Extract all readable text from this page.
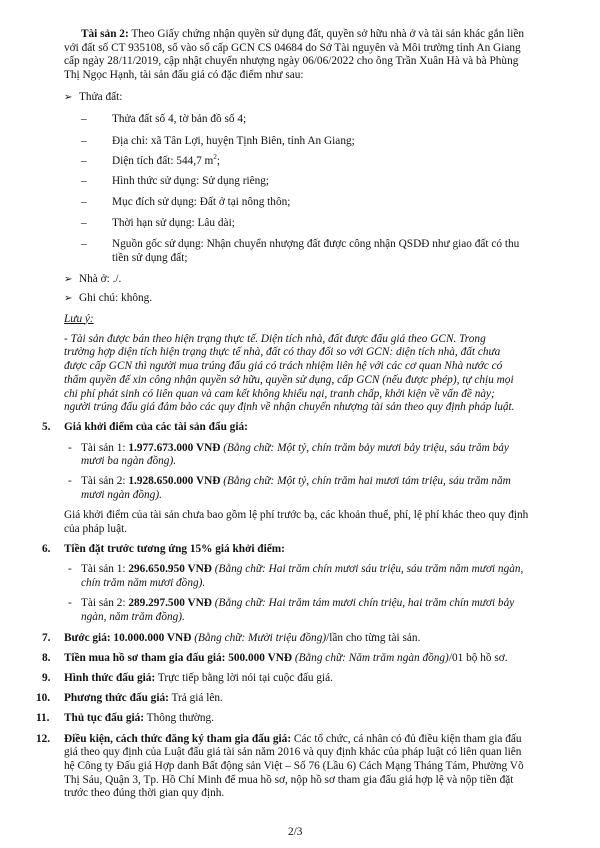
Tài sản 2: Theo Giấy chứng nhận quyền sử dụng đất, quyền sở hữu nhà ở và tài sản khác gắn liền
với đất số CT 935108, số vào sổ cấp GCN CS 04684 do Sở Tài nguyên và Môi trường tỉnh An Giang
cấp ngày 28/11/2019, cập nhật chuyển nhượng ngày 06/06/2022 cho ông Trần Xuân Hà và bà Phùng
Thị Ngọc Hạnh, tài sản đấu giá có đặc điểm như sau:
➢ Thửa đất:
– Thửa đất số 4, tờ bản đồ số 4;
– Địa chỉ: xã Tân Lợi, huyện Tịnh Biên, tỉnh An Giang;
– Diện tích đất: 544,7 $m^2$;
– Hình thức sử dụng: Sử dụng riêng;
– Mục đích sử dụng: Đất ở tại nông thôn;
– Thời hạn sử dụng: Lâu dài;
– Nguồn gốc sử dụng: Nhận chuyển nhượng đất được công nhận QSDĐ như giao đất có thu
tiền sử dụng đất;
➢ Nhà ở: ./.
➢ Ghi chú: không.
Lưu ý:
- Tài sản được bán theo hiện trạng thực tế. Diện tích nhà, đất được đấu giá theo GCN. Trong
trường hợp diện tích hiện trạng thực tế nhà, đất có thay đổi so với GCN: diện tích nhà, đất chưa
được cấp GCN thì người mua trúng đấu giá có trách nhiệm liên hệ với các cơ quan Nhà nước có
thẩm quyền để xin công nhận quyền sở hữu, quyền sử dụng, cấp GCN (nếu được phép), tự chịu mọi
chi phí phát sinh có liên quan và cam kết không khiếu nại, tranh chấp, khởi kiện về vấn đề này;
người trúng đấu giá đảm bảo các quy định về nhận chuyển nhượng tài sản theo quy định pháp luật.
5. Giá khởi điểm của các tài sản đấu giá:
- Tài sản 1: 1.977.673.000 VNĐ (Bằng chữ: Một tỷ, chín trăm bảy mươi bảy triệu, sáu trăm bảy
mươi ba ngàn đồng).
- Tài sản 2: 1.928.650.000 VNĐ (Bằng chữ: Một tỷ, chín trăm hai mươi tám triệu, sáu trăm năm
mươi ngàn đồng).
Giá khởi điểm của tài sản chưa bao gồm lệ phí trước bạ, các khoản thuế, phí, lệ phí khác theo quy định
của pháp luật.
6. Tiền đặt trước tương ứng 15% giá khởi điểm:
- Tài sản 1: 296.650.950 VNĐ (Bằng chữ: Hai trăm chín mươi sáu triệu, sáu trăm năm mươi ngàn,
chín trăm năm mươi đồng).
- Tài sản 2: 289.297.500 VNĐ (Bằng chữ: Hai trăm tám mươi chín triệu, hai trăm chín mươi bảy
ngàn, năm trăm đồng).
7. Bước giá: 10.000.000 VNĐ (Bằng chữ: Mười triệu đồng)/lần cho từng tài sản.
8. Tiền mua hồ sơ tham gia đấu giá: 500.000 VNĐ (Bằng chữ: Năm trăm ngàn đồng)/01 bộ hồ sơ.
9. Hình thức đấu giá: Trực tiếp bằng lời nói tại cuộc đấu giá.
10. Phương thức đấu giá: Trả giá lên.
11. Thủ tục đấu giá: Thông thường.
12. Điều kiện, cách thức đăng ký tham gia đấu giá: Các tổ chức, cá nhân có đủ điều kiện tham gia đấu
giá theo quy định của Luật đấu giá tài sản năm 2016 và quy định khác của pháp luật có liên quan liên
hệ Công ty Đấu giá Hợp danh Bất động sản Việt – Số 76 (Lầu 6) Cách Mạng Tháng Tám, Phường Võ
Thị Sáu, Quận 3, Tp. Hồ Chí Minh để mua hồ sơ, nộp hồ sơ tham gia đấu giá hợp lệ và nộp tiền đặt
trước theo đúng thời gian quy định.
2/3
